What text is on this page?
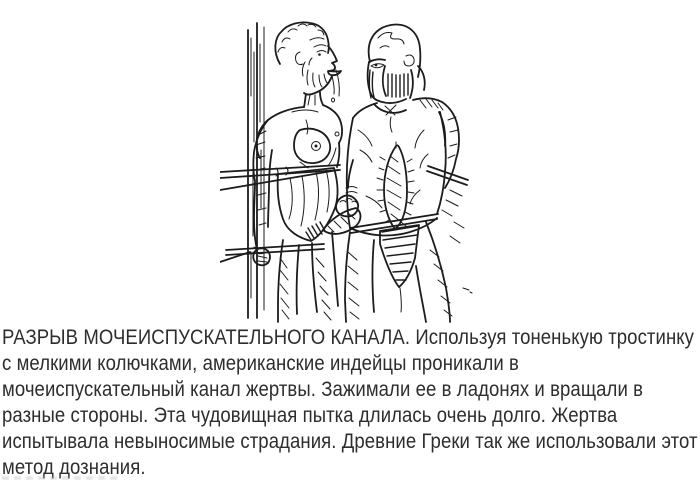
РАЗРЫВ МОЧЕИСПУСКАТЕЛЬНОГО КАНАЛА. Используя тоненькую тростинку
с мелкими колючками, американские индейцы проникали в
мочеиспускательный канал жертвы. Зажимали ее в ладонях и вращали в
разные стороны. Эта чудовищная пытка длилась очень долго. Жертва
испытывала невыносимые страдания. Древние Греки так же использовали этот
метод дознания.
